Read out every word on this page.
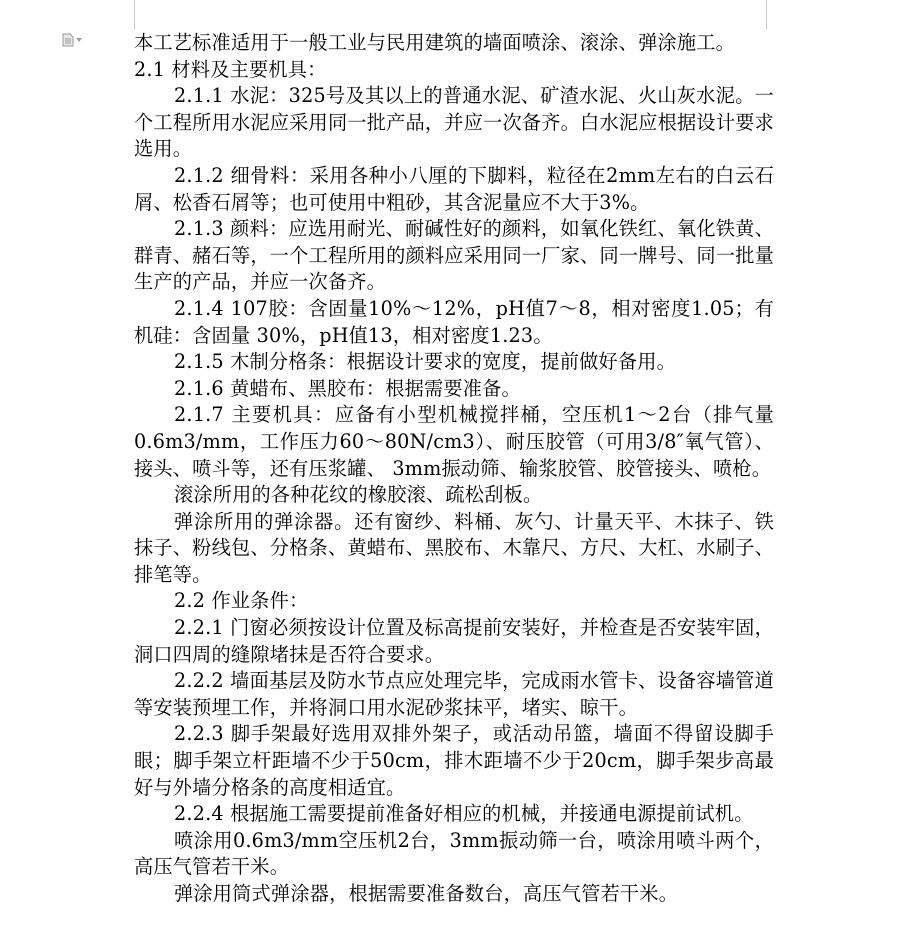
本工艺标准适用于一般工业与民用建筑的墙面喷涂、滚涂、弹涂施工。

2.1 材料及主要机具：

2.1.1 水泥：325号及其以上的普通水泥、矿渣水泥、火山灰水泥。一个工程所用水泥应采用同一批产品，并应一次备齐。白水泥应根据设计要求选用。

2.1.2 细骨料：采用各种小八厘的下脚料，粒径在2mm左右的白云石屑、松香石屑等；也可使用中粗砂，其含泥量应不大于3%。

2.1.3 颜料：应选用耐光、耐碱性好的颜料，如氧化铁红、氧化铁黄、群青、赭石等，一个工程所用的颜料应采用同一厂家、同一牌号、同一批量生产的产品，并应一次备齐。

2.1.4 107胶：含固量10%～12%，pH值7～8，相对密度1.05；有机硅：含固量 30%，pH值13，相对密度1.23。

2.1.5 木制分格条：根据设计要求的宽度，提前做好备用。

2.1.6 黄蜡布、黑胶布：根据需要准备。

2.1.7 主要机具：应备有小型机械搅拌桶，空压机1～2台（排气量0.6m3/mm，工作压力60～80N/cm3）、耐压胶管（可用3/8″氧气管）、接头、喷斗等，还有压浆罐、 3mm振动筛、输浆胶管、胶管接头、喷枪。

滚涂所用的各种花纹的橡胶滚、疏松刮板。

弹涂所用的弹涂器。还有窗纱、料桶、灰勺、计量天平、木抹子、铁抹子、粉线包、分格条、黄蜡布、黑胶布、木靠尺、方尺、大杠、水刷子、排笔等。

2.2 作业条件：

2.2.1 门窗必须按设计位置及标高提前安装好，并检查是否安装牢固，洞口四周的缝隙堵抹是否符合要求。

2.2.2 墙面基层及防水节点应处理完毕，完成雨水管卡、设备容墙管道等安装预埋工作，并将洞口用水泥砂浆抹平，堵实、晾干。

2.2.3 脚手架最好选用双排外架子，或活动吊篮，墙面不得留设脚手眼；脚手架立杆距墙不少于50cm，排木距墙不少于20cm，脚手架步高最好与外墙分格条的高度相适宜。

2.2.4 根据施工需要提前准备好相应的机械，并接通电源提前试机。

喷涂用0.6m3/mm空压机2台，3mm振动筛一台，喷涂用喷斗两个，高压气管若干米。

弹涂用筒式弹涂器，根据需要准备数台，高压气管若干米。
